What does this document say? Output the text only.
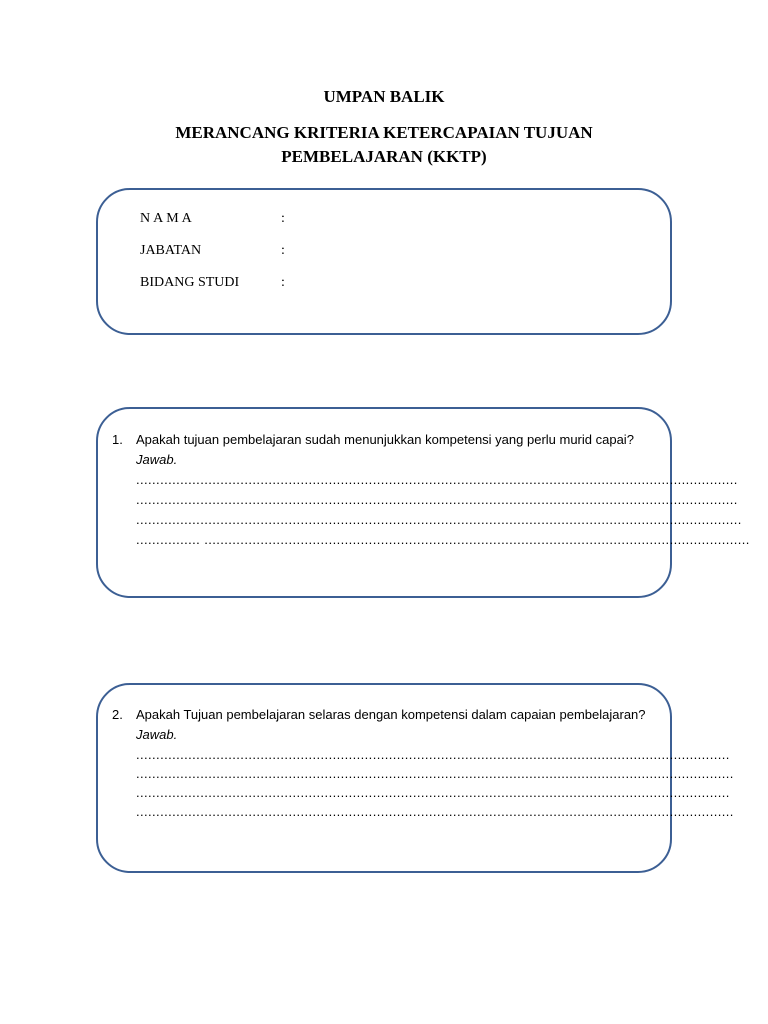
UMPAN BALIK
MERANCANG KRITERIA KETERCAPAIAN TUJUAN
PEMBELAJARAN (KKTP)
NAMA	:
JABATAN	:
BIDANG STUDI	:
1. Apakah tujuan pembelajaran sudah menunjukkan kompetensi yang perlu murid capai?
Jawab.
......................................................................................................................................................
......................................................................................................................................................
.......................................................................................................................................................
................ ........................................................................................................................................
2. Apakah Tujuan pembelajaran selaras dengan kompetensi dalam capaian pembelajaran?
Jawab.
....................................................................................................................................................
.....................................................................................................................................................
....................................................................................................................................................
.....................................................................................................................................................
